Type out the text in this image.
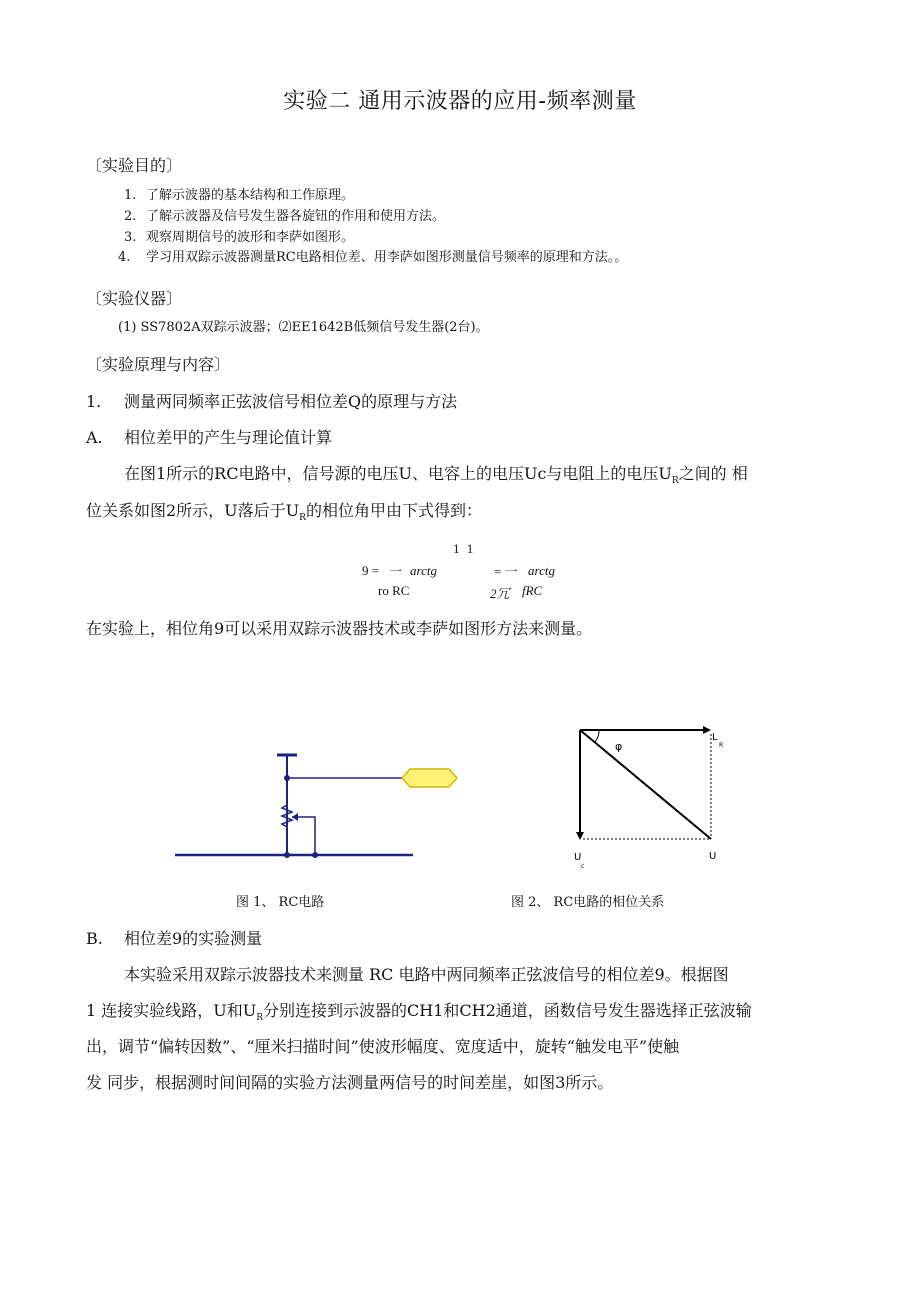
实验二 通用示波器的应用-频率测量
〔实验目的〕
1. 了解示波器的基本结构和工作原理。
2. 了解示波器及信号发生器各旋钮的作用和使用方法。
3. 观察周期信号的波形和李萨如图形。
4. 学习用双踪示波器测量RC电路相位差、用李萨如图形测量信号频率的原理和方法。。
〔实验仪器〕
(1) SS7802A双踪示波器；⑵EE1642B低频信号发生器(2台)。
〔实验原理与内容〕
1. 测量两同频率正弦波信号相位差Q的原理与方法
A. 相位差甲的产生与理论值计算
在图1所示的RC电路中，信号源的电压U、电容上的电压Uc与电阻上的电压$U_R$之间的 相
位关系如图2所示，U落后于$U_R$的相位角甲由下式得到：
1 1
9 = 一 arctg	= 一 arctg
ro RC	2冗 fRC
在实验上，相位角9可以采用双踪示波器技术或李萨如图形方法来测量。
φ
L
R
U
c
U
图 1、 RC电路	图 2、 RC电路的相位关系
B. 相位差9的实验测量
本实验采用双踪示波器技术来测量 RC 电路中两同频率正弦波信号的相位差9。根据图
1 连接实验线路，U和$U_R$分别连接到示波器的CH1和CH2通道，函数信号发生器选择正弦波输
出，调节“偏转因数”、“厘米扫描时间”使波形幅度、宽度适中，旋转“触发电平”使触
发 同步，根据测时间间隔的实验方法测量两信号的时间差崖，如图3所示。
